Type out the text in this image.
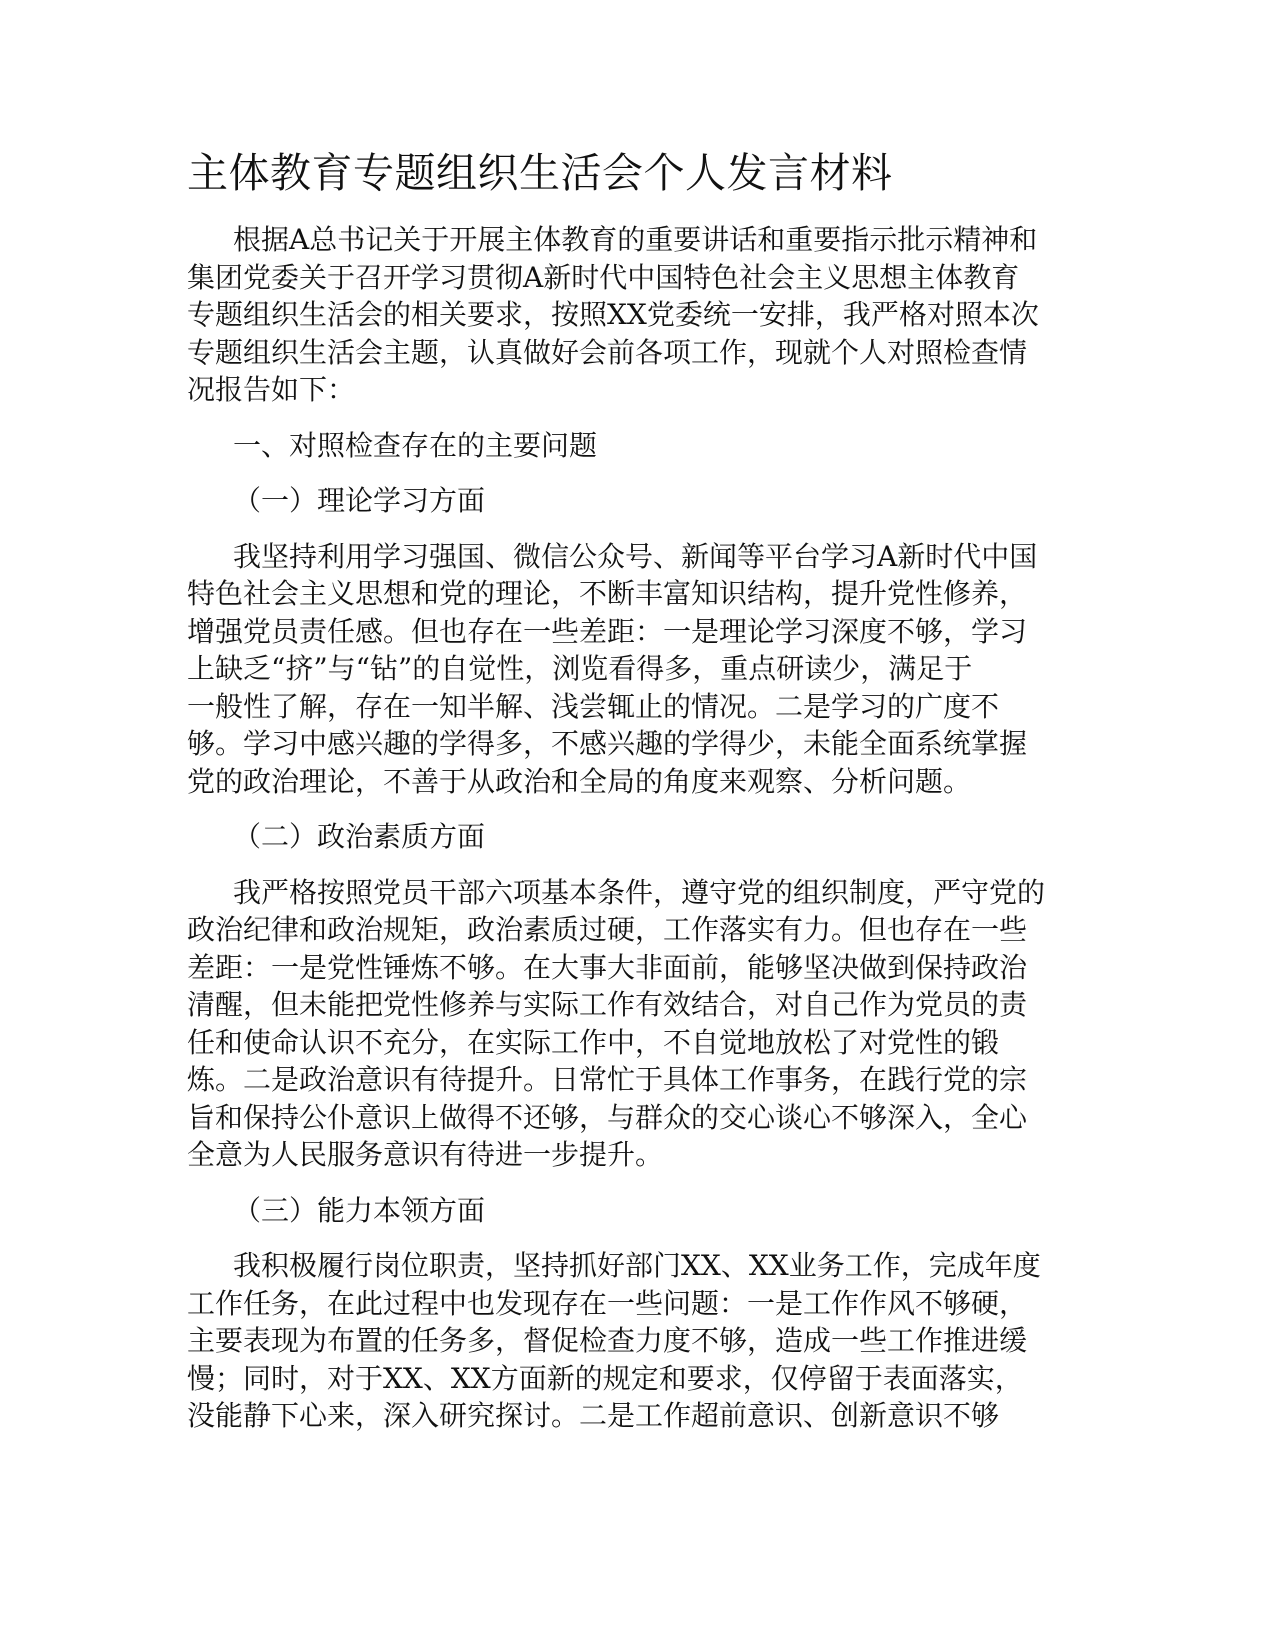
主体教育专题组织生活会个人发言材料
根据A总书记关于开展主体教育的重要讲话和重要指示批示精神和
集团党委关于召开学习贯彻A新时代中国特色社会主义思想主体教育
专题组织生活会的相关要求，按照XX党委统一安排，我严格对照本次
专题组织生活会主题，认真做好会前各项工作，现就个人对照检查情
况报告如下：
一、对照检查存在的主要问题
（一）理论学习方面
我坚持利用学习强国、微信公众号、新闻等平台学习A新时代中国
特色社会主义思想和党的理论，不断丰富知识结构，提升党性修养，
增强党员责任感。但也存在一些差距：一是理论学习深度不够，学习
上缺乏“挤”与“钻”的自觉性，浏览看得多，重点研读少，满足于
一般性了解，存在一知半解、浅尝辄止的情况。二是学习的广度不
够。学习中感兴趣的学得多，不感兴趣的学得少，未能全面系统掌握
党的政治理论，不善于从政治和全局的角度来观察、分析问题。
（二）政治素质方面
我严格按照党员干部六项基本条件，遵守党的组织制度，严守党的
政治纪律和政治规矩，政治素质过硬，工作落实有力。但也存在一些
差距：一是党性锤炼不够。在大事大非面前，能够坚决做到保持政治
清醒，但未能把党性修养与实际工作有效结合，对自己作为党员的责
任和使命认识不充分，在实际工作中，不自觉地放松了对党性的锻
炼。二是政治意识有待提升。日常忙于具体工作事务，在践行党的宗
旨和保持公仆意识上做得不还够，与群众的交心谈心不够深入，全心
全意为人民服务意识有待进一步提升。
（三）能力本领方面
我积极履行岗位职责，坚持抓好部门XX、XX业务工作，完成年度
工作任务，在此过程中也发现存在一些问题：一是工作作风不够硬，
主要表现为布置的任务多，督促检查力度不够，造成一些工作推进缓
慢；同时，对于XX、XX方面新的规定和要求，仅停留于表面落实，
没能静下心来，深入研究探讨。二是工作超前意识、创新意识不够
